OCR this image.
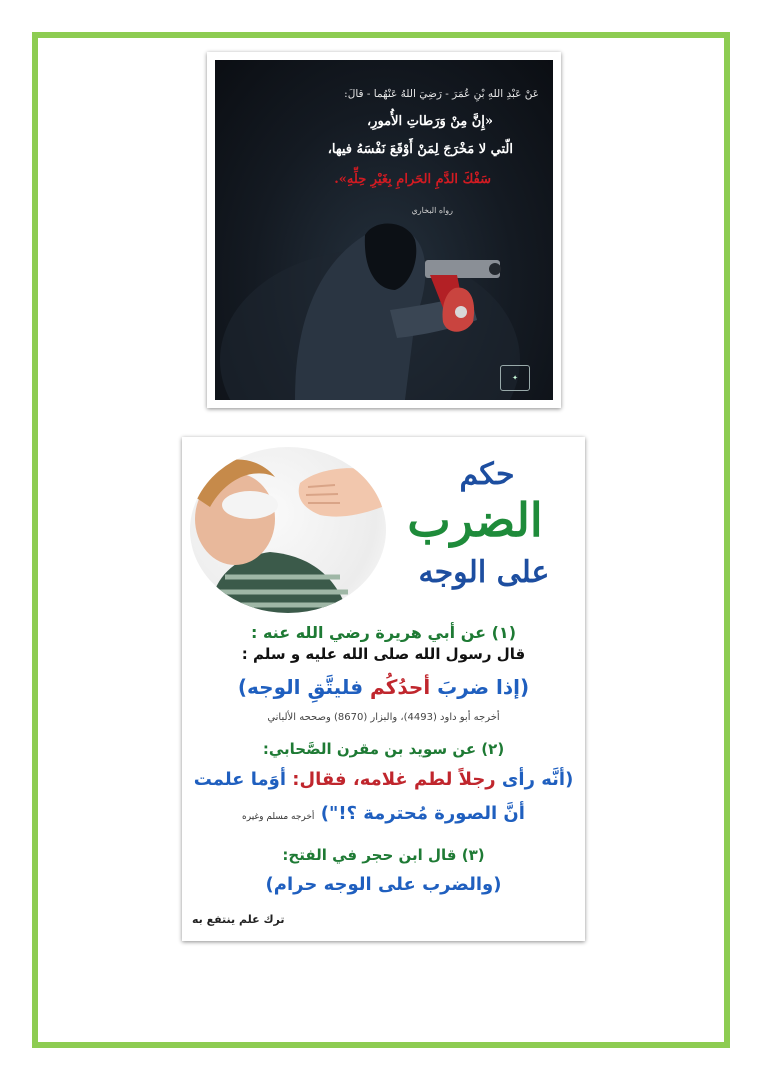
عَنْ عَبْدِ اللهِ بْنِ عُمَرَ - رَضِيَ اللهُ عَنْهُما - قالَ:
«إِنَّ مِنْ وَرَطاتِ الأُمورِ،
الّتي لا مَخْرَجَ لِمَنْ أَوْقَعَ نَفْسَهُ فيها،
سَفْكَ الدَّمِ الحَرامِ بِغَيْرِ حِلِّهِ».
رواه البخاري
✦
حكم
الضرب
على الوجه
(١) عن أبي هريرة رضي الله عنه :
قال رسول الله صلى الله عليه و سلم :
(إذا ضربَ أحدُكُم فليتَّقِ الوجه)
أخرجه أبو داود (4493)، والبزار (8670) وصححه الألباني
(٢) عن سويد بن مقرن الصَّحابي:
(أنَّه رأى رجلاً لطم غلامه، فقال: أوَما علمت
أنَّ الصورة مُحترمة ؟!") أخرجه مسلم وغيره
(٣) قال ابن حجر في الفتح:
(والضرب على الوجه حرام)
ترك علم ينتفع به
